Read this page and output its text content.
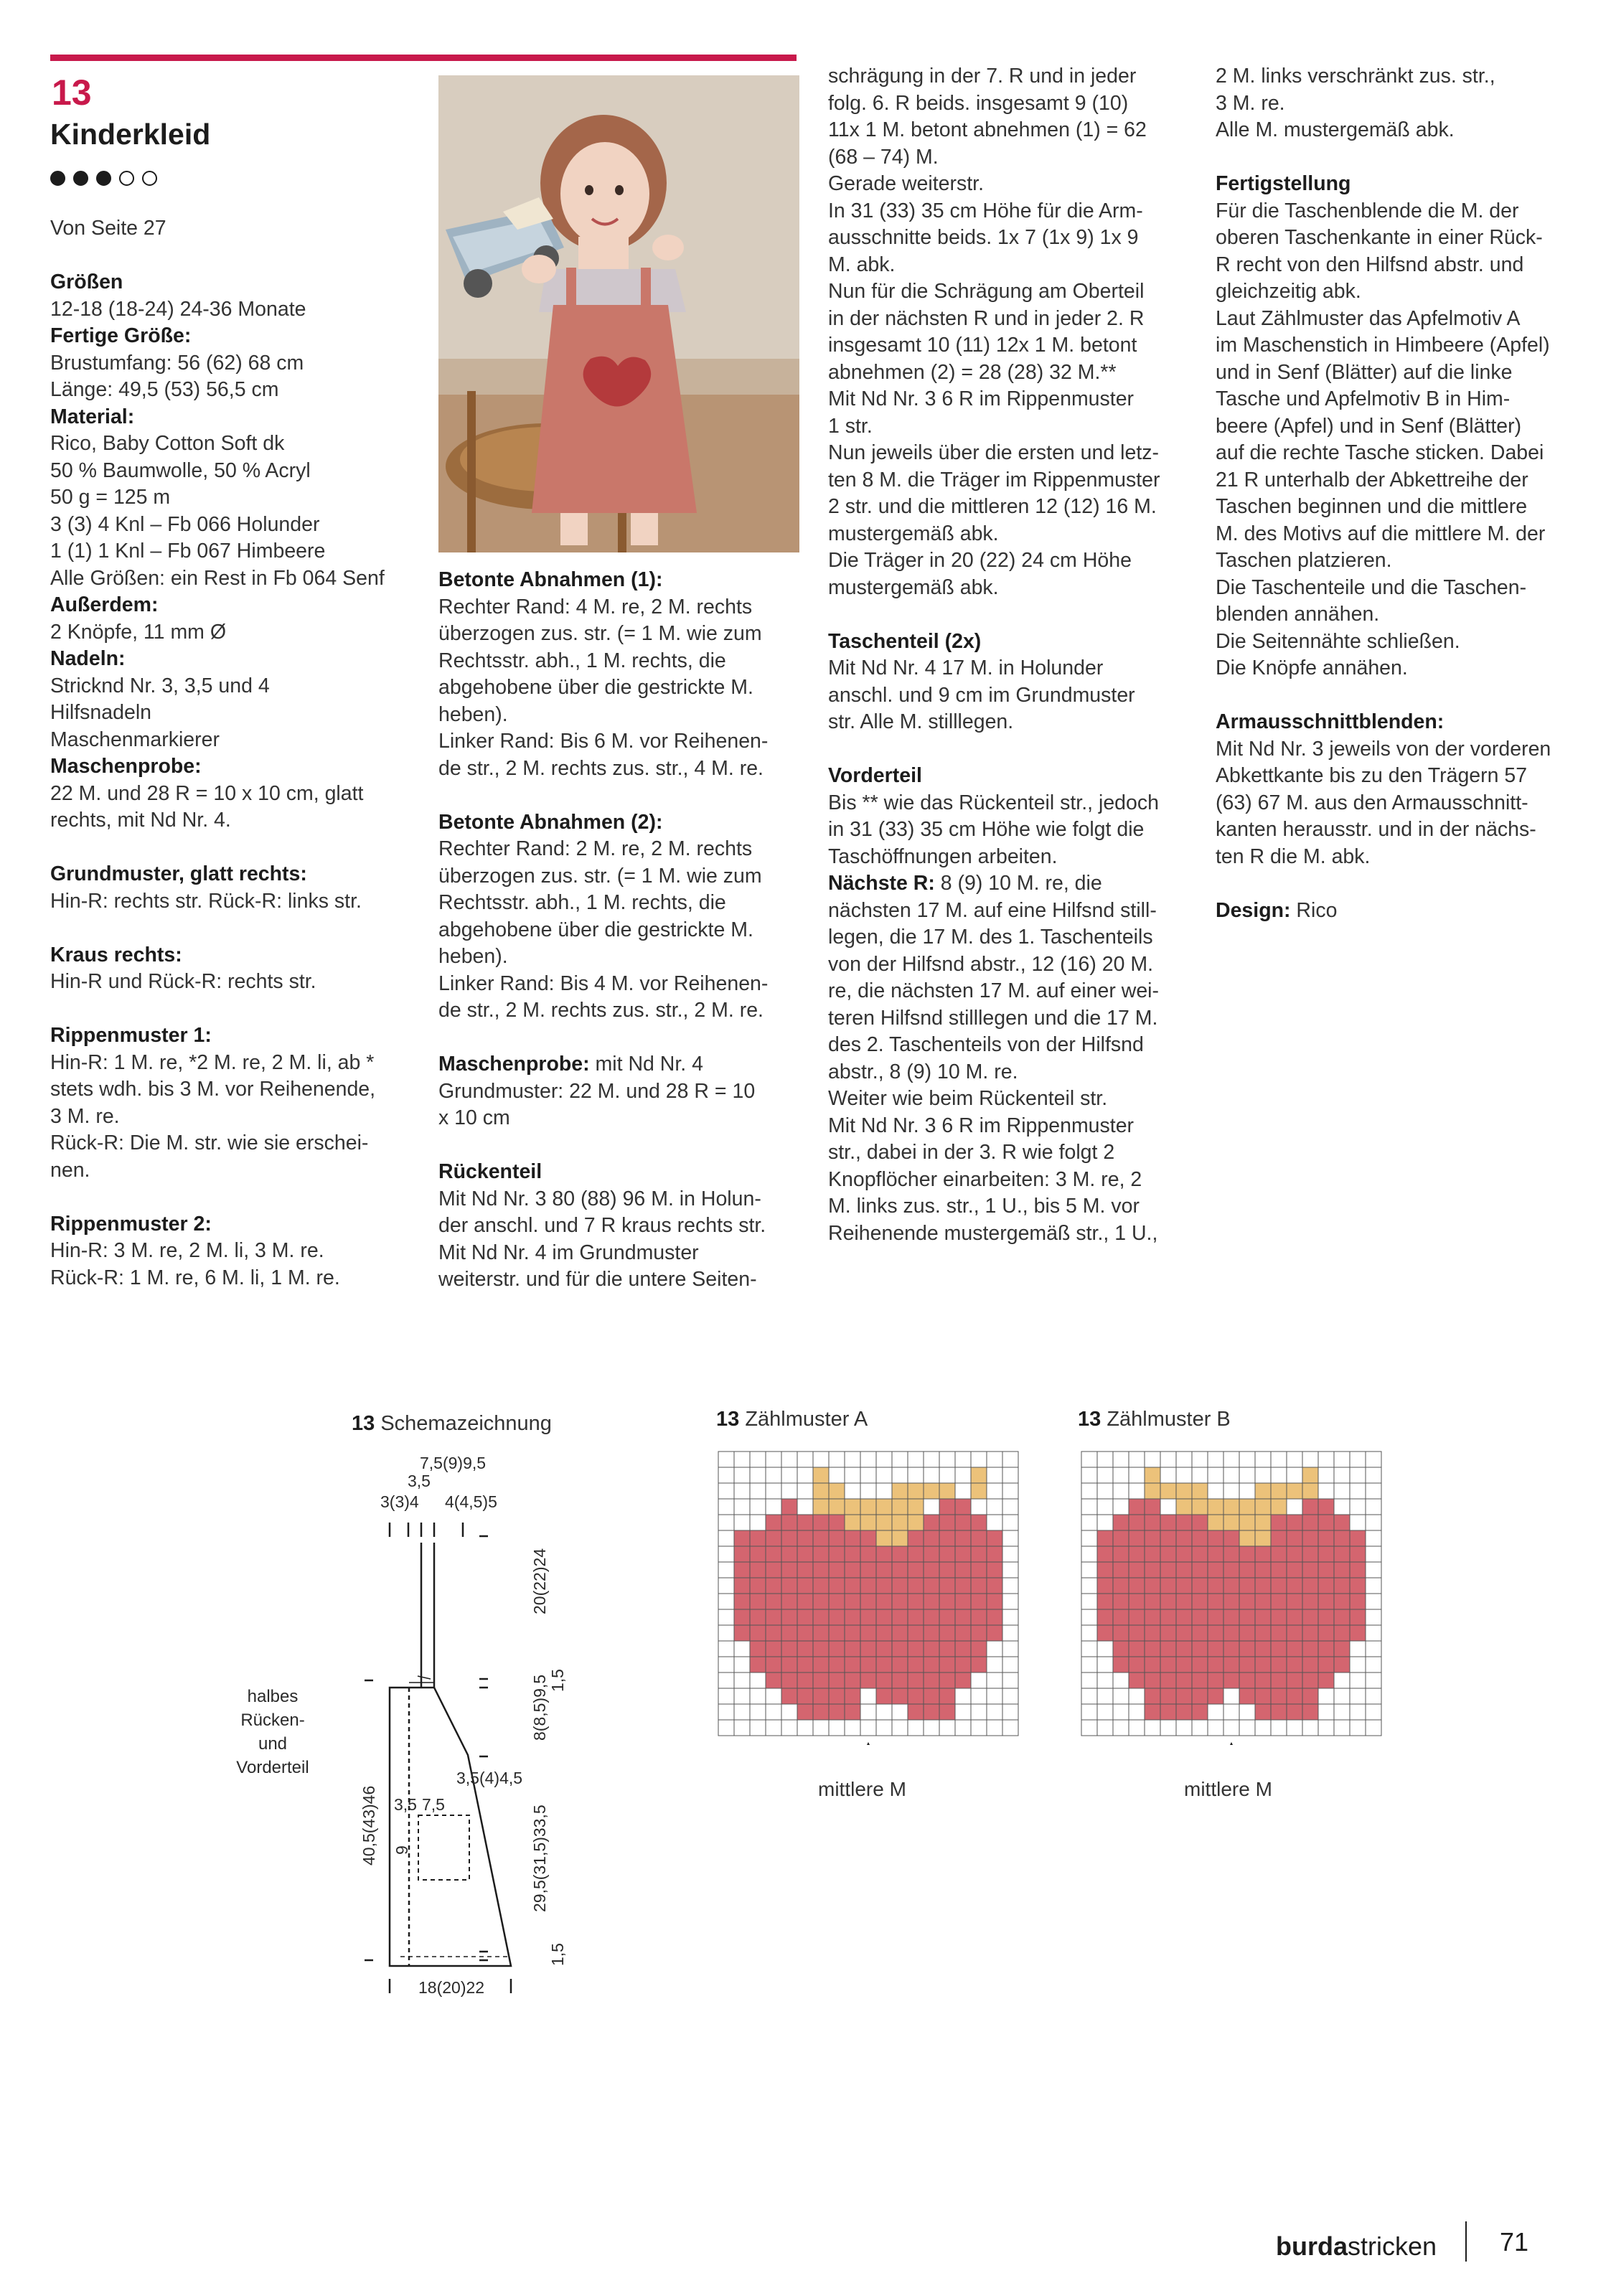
13
Kinderkleid
Von Seite 27
Größen
12-18 (18-24) 24-36 Monate
Fertige Größe:
Brustumfang: 56 (62) 68 cm
Länge: 49,5 (53) 56,5 cm
Material:
Rico, Baby Cotton Soft dk
50 % Baumwolle, 50 % Acryl
50 g = 125 m
3 (3) 4 Knl – Fb 066 Holunder
1 (1) 1 Knl – Fb 067 Himbeere
Alle Größen: ein Rest in Fb 064 Senf
Außerdem:
2 Knöpfe, 11 mm Ø
Nadeln:
Stricknd Nr. 3, 3,5 und 4
Hilfsnadeln
Maschenmarkierer
Maschenprobe:
22 M. und 28 R = 10 x 10 cm, glatt
rechts, mit Nd Nr. 4.
Grundmuster, glatt rechts:
Hin-R: rechts str. Rück-R: links str.
Kraus rechts:
Hin-R und Rück-R: rechts str.
Rippenmuster 1:
Hin-R: 1 M. re, *2 M. re, 2 M. li, ab *
stets wdh. bis 3 M. vor Reihenende,
3 M. re.
Rück-R: Die M. str. wie sie erschei-
nen.
Rippenmuster 2:
Hin-R: 3 M. re, 2 M. li, 3 M. re.
Rück-R: 1 M. re, 6 M. li, 1 M. re.
Betonte Abnahmen (1):
Rechter Rand: 4 M. re, 2 M. rechts
überzogen zus. str. (= 1 M. wie zum
Rechtsstr. abh., 1 M. rechts, die
abgehobene über die gestrickte M.
heben).
Linker Rand: Bis 6 M. vor Reihenen-
de str., 2 M. rechts zus. str., 4 M. re.
Betonte Abnahmen (2):
Rechter Rand: 2 M. re, 2 M. rechts
überzogen zus. str. (= 1 M. wie zum
Rechtsstr. abh., 1 M. rechts, die
abgehobene über die gestrickte M.
heben).
Linker Rand: Bis 4 M. vor Reihenen-
de str., 2 M. rechts zus. str., 2 M. re.
Maschenprobe: mit Nd Nr. 4
Grundmuster: 22 M. und 28 R = 10
x 10 cm
Rückenteil
Mit Nd Nr. 3 80 (88) 96 M. in Holun-
der anschl. und 7 R kraus rechts str.
Mit Nd Nr. 4 im Grundmuster
weiterstr. und für die untere Seiten-
schrägung in der 7. R und in jeder
folg. 6. R beids. insgesamt 9 (10)
11x 1 M. betont abnehmen (1) = 62
(68 – 74) M.
Gerade weiterstr.
In 31 (33) 35 cm Höhe für die Arm-
ausschnitte beids. 1x 7 (1x 9) 1x 9
M. abk.
Nun für die Schrägung am Oberteil
in der nächsten R und in jeder 2. R
insgesamt 10 (11) 12x 1 M. betont
abnehmen (2) = 28 (28) 32 M.**
Mit Nd Nr. 3 6 R im Rippenmuster
1 str.
Nun jeweils über die ersten und letz-
ten 8 M. die Träger im Rippenmuster
2 str. und die mittleren 12 (12) 16 M.
mustergemäß abk.
Die Träger in 20 (22) 24 cm Höhe
mustergemäß abk.
Taschenteil (2x)
Mit Nd Nr. 4 17 M. in Holunder
anschl. und 9 cm im Grundmuster
str. Alle M. stilllegen.
Vorderteil
Bis ** wie das Rückenteil str., jedoch
in 31 (33) 35 cm Höhe wie folgt die
Taschöffnungen arbeiten.
Nächste R: 8 (9) 10 M. re, die
nächsten 17 M. auf eine Hilfsnd still-
legen, die 17 M. des 1. Taschenteils
von der Hilfsnd abstr., 12 (16) 20 M.
re, die nächsten 17 M. auf einer wei-
teren Hilfsnd stilllegen und die 17 M.
des 2. Taschenteils von der Hilfsnd
abstr., 8 (9) 10 M. re.
Weiter wie beim Rückenteil str.
Mit Nd Nr. 3 6 R im Rippenmuster
str., dabei in der 3. R wie folgt 2
Knopflöcher einarbeiten: 3 M. re, 2
M. links zus. str., 1 U., bis 5 M. vor
Reihenende mustergemäß str., 1 U.,
2 M. links verschränkt zus. str.,
3 M. re.
Alle M. mustergemäß abk.
Fertigstellung
Für die Taschenblende die M. der
oberen Taschenkante in einer Rück-
R recht von den Hilfsnd abstr. und
gleichzeitig abk.
Laut Zählmuster das Apfelmotiv A
im Maschenstich in Himbeere (Apfel)
und in Senf (Blätter) auf die linke
Tasche und Apfelmotiv B in Him-
beere (Apfel) und in Senf (Blätter)
auf die rechte Tasche sticken. Dabei
21 R unterhalb der Abkettreihe der
Taschen beginnen und die mittlere
M. des Motivs auf die mittlere M. der
Taschen platzieren.
Die Taschenteile und die Taschen-
blenden annähen.
Die Seitennähte schließen.
Die Knöpfe annähen.
Armausschnittblenden:
Mit Nd Nr. 3 jeweils von der vorderen
Abkettkante bis zu den Trägern 57
(63) 67 M. aus den Armausschnitt-
kanten herausstr. und in der nächs-
ten R die M. abk.
Design: Rico
13 Schemazeichnung
7,5(9)9,5
3,5
3(3)4 4(4,5)5
20(22)24
1,5
8(8,5)9,5
40,5(43)46
3,5(4)4,5
3,5 7,5
9	29,5(31,5)33,5
1,5
18(20)22
halbes
Rücken-
und
Vorderteil
13 Zählmuster A
mittlere M
13 Zählmuster B
mittlere M
burdastricken 71
